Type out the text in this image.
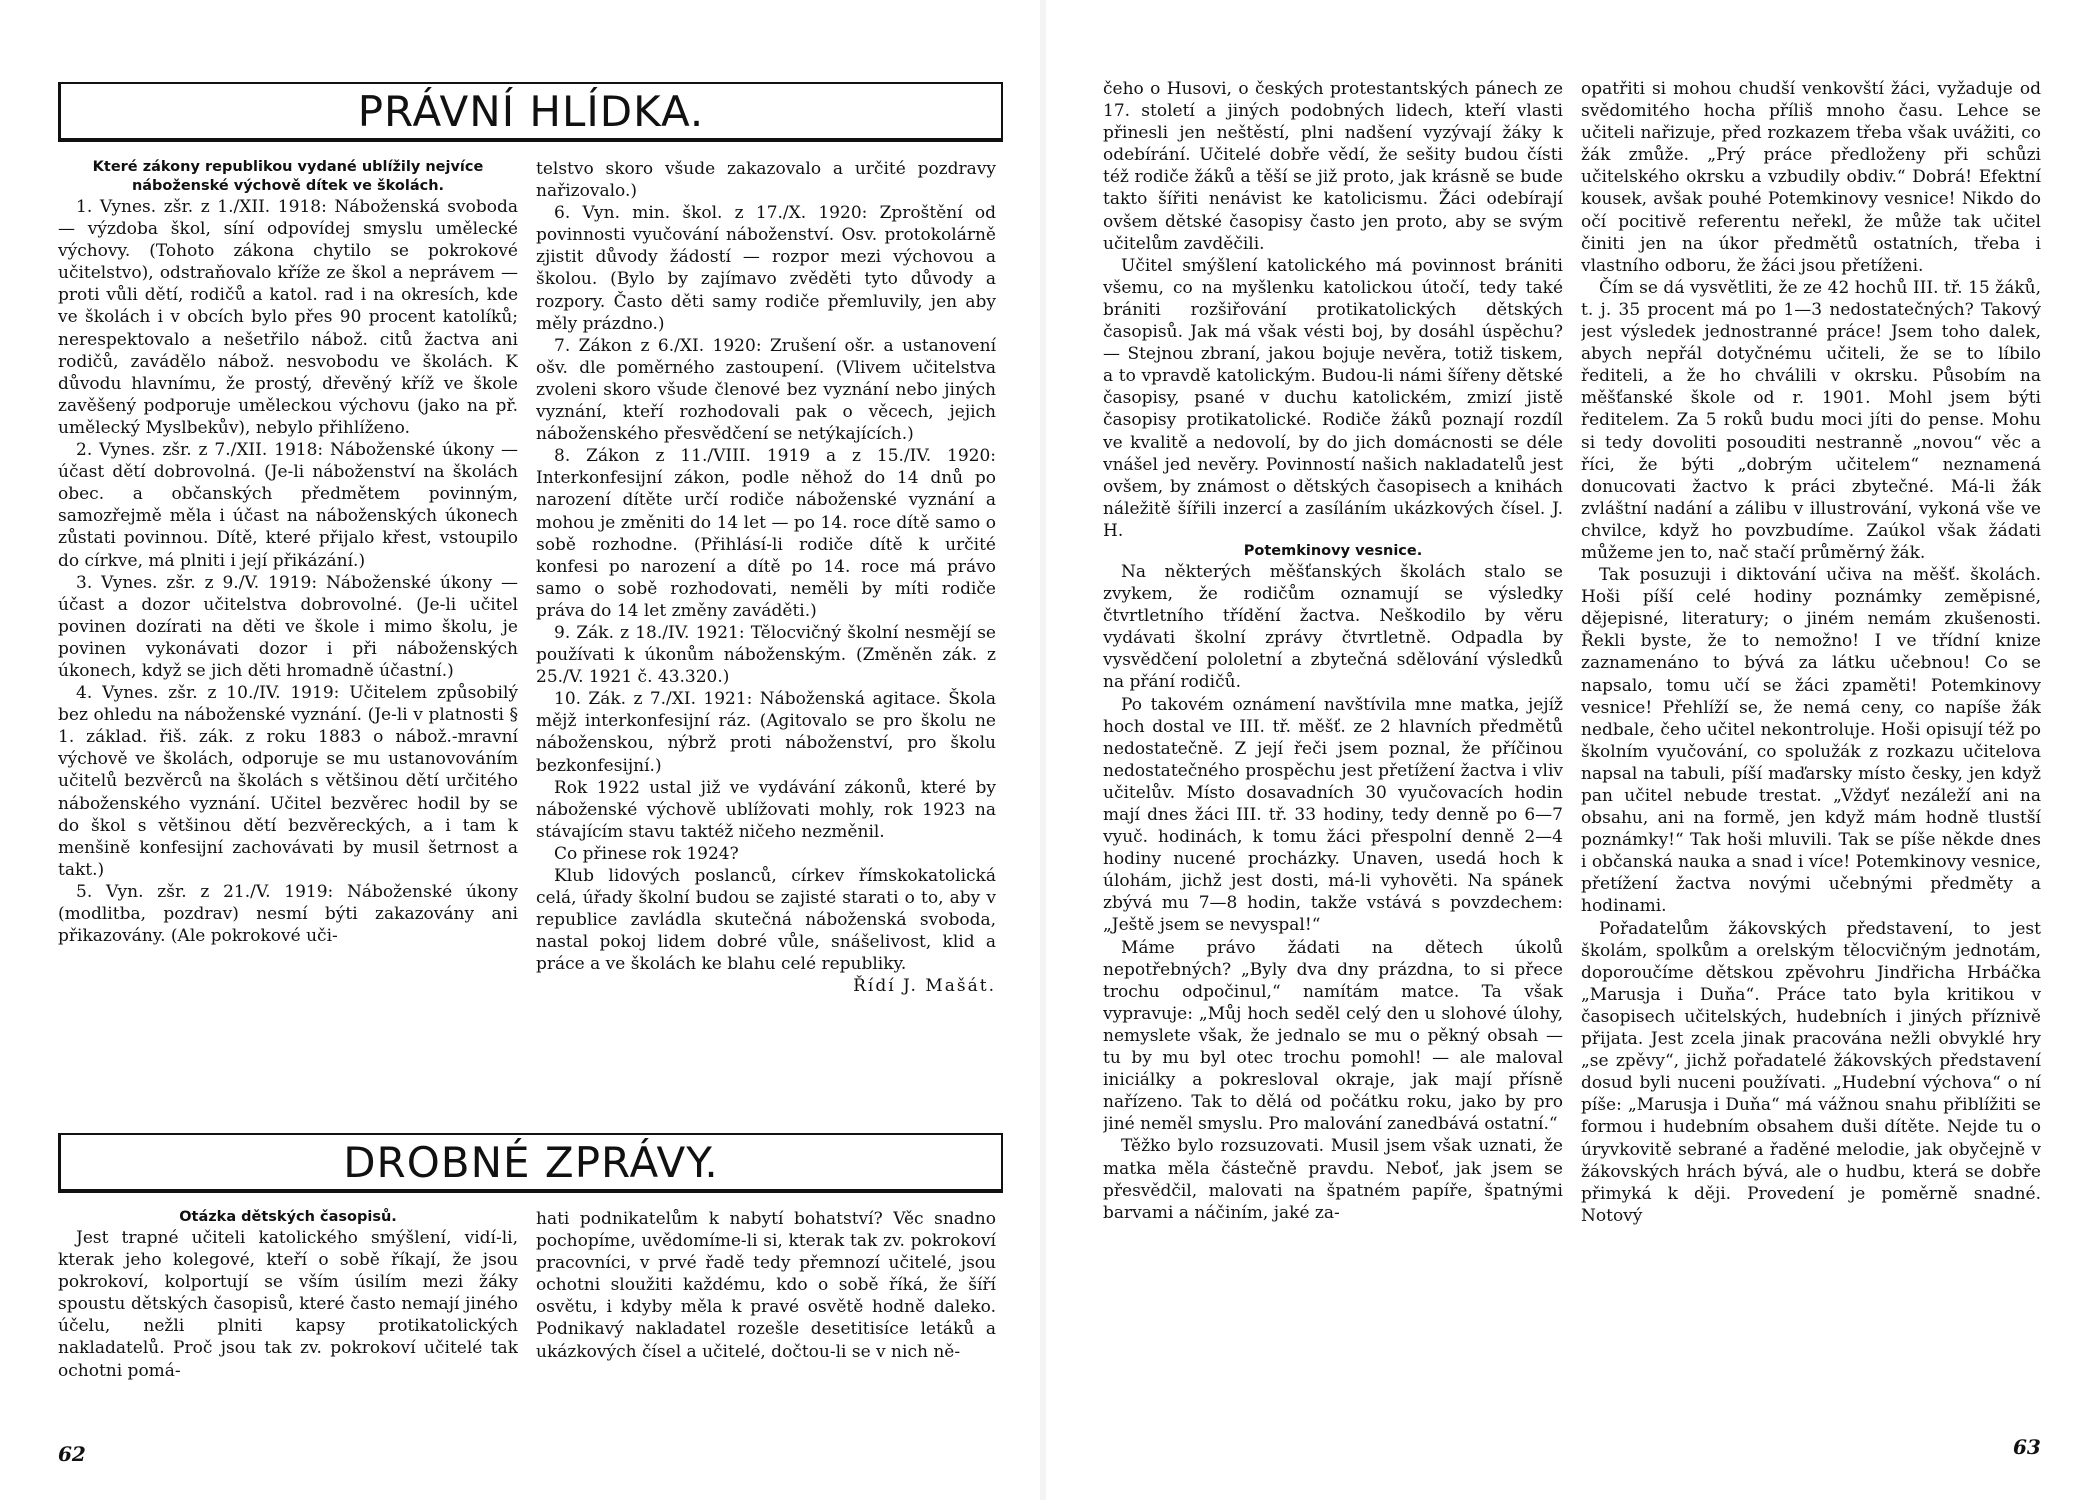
PRÁVNÍ HLÍDKA.
Které zákony republikou vydané ublížily nejvíce náboženské výchově dítek ve školách.

1. Vynes. zšr. z 1./XII. 1918: Náboženská svoboda — výzdoba škol, síní odpovídej smyslu umělecké výchovy. (Tohoto zákona chytilo se pokrokové učitelstvo), odstraňovalo kříže ze škol a neprávem — proti vůli dětí, rodičů a katol. rad i na okresích, kde ve školách i v obcích bylo přes 90 procent katolíků; nerespektovalo a nešetřilo nábož. citů žactva ani rodičů, zavádělo nábož. nesvobodu ve školách. K důvodu hlavnímu, že prostý, dřevěný kříž ve škole zavěšený podporuje uměleckou výchovu (jako na př. umělecký Myslbekův), nebylo přihlíženo.

2. Vynes. zšr. z 7./XII. 1918: Náboženské úkony — účast dětí dobrovolná. (Je-li náboženství na školách obec. a občanských předmětem povinným, samozřejmě měla i účast na náboženských úkonech zůstati povinnou. Dítě, které přijalo křest, vstoupilo do církve, má plniti i její přikázání.)

3. Vynes. zšr. z 9./V. 1919: Náboženské úkony — účast a dozor učitelstva dobrovolné. (Je-li učitel povinen dozírati na děti ve škole i mimo školu, je povinen vykonávati dozor i při náboženských úkonech, když se jich děti hromadně účastní.)

4. Vynes. zšr. z 10./IV. 1919: Učitelem způsobilý bez ohledu na náboženské vyznání. (Je-li v platnosti § 1. základ. řiš. zák. z roku 1883 o nábož.-mravní výchově ve školách, odporuje se mu ustanovováním učitelů bezvěrců na školách s většinou dětí určitého náboženského vyznání. Učitel bezvěrec hodil by se do škol s většinou dětí bezvěreckých, a i tam k menšině konfesijní zachovávati by musil šetrnost a takt.)

5. Vyn. zšr. z 21./V. 1919: Náboženské úkony (modlitba, pozdrav) nesmí býti zakazovány ani přikazovány. (Ale pokrokové uči-

telstvo skoro všude zakazovalo a určité pozdravy nařizovalo.)

6. Vyn. min. škol. z 17./X. 1920: Zproštění od povinnosti vyučování náboženství. Osv. protokolárně zjistit důvody žádostí — rozpor mezi výchovou a školou. (Bylo by zajímavo zvěděti tyto důvody a rozpory. Často děti samy rodiče přemluvily, jen aby měly prázdno.)

7. Zákon z 6./XI. 1920: Zrušení ošr. a ustanovení ošv. dle poměrného zastoupení. (Vlivem učitelstva zvoleni skoro všude členové bez vyznání nebo jiných vyznání, kteří rozhodovali pak o věcech, jejich náboženského přesvědčení se netýkajících.)

8. Zákon z 11./VIII. 1919 a z 15./IV. 1920: Interkonfesijní zákon, podle něhož do 14 dnů po narození dítěte určí rodiče náboženské vyznání a mohou je změniti do 14 let — po 14. roce dítě samo o sobě rozhodne. (Přihlásí-li rodiče dítě k určité konfesi po narození a dítě po 14. roce má právo samo o sobě rozhodovati, neměli by míti rodiče práva do 14 let změny zaváděti.)

9. Zák. z 18./IV. 1921: Tělocvičný školní nesmějí se používati k úkonům náboženským. (Změněn zák. z 25./V. 1921 č. 43.320.)

10. Zák. z 7./XI. 1921: Náboženská agitace. Škola mějž interkonfesijní ráz. (Agitovalo se pro školu ne náboženskou, nýbrž proti náboženství, pro školu bezkonfesijní.)

Rok 1922 ustal již ve vydávání zákonů, které by náboženské výchově ublížovati mohly, rok 1923 na stávajícím stavu taktéž ničeho nezměnil.

Co přinese rok 1924?

Klub lidových poslanců, církev římskokatolická celá, úřady školní budou se zajisté starati o to, aby v republice zavládla skutečná náboženská svoboda, nastal pokoj lidem dobré vůle, snášelivost, klid a práce a ve školách ke blahu celé republiky.

Řídí J. Mašát.

DROBNÉ ZPRÁVY.
Otázka dětských časopisů.

Jest trapné učiteli katolického smýšlení, vidí-li, kterak jeho kolegové, kteří o sobě říkají, že jsou pokrokoví, kolportují se vším úsilím mezi žáky spoustu dětských časopisů, které často nemají jiného účelu, nežli plniti kapsy protikatolických nakladatelů. Proč jsou tak zv. pokrokoví učitelé tak ochotni pomá-

hati podnikatelům k nabytí bohatství? Věc snadno pochopíme, uvědomíme-li si, kterak tak zv. pokrokoví pracovníci, v prvé řadě tedy přemnozí učitelé, jsou ochotni sloužiti každému, kdo o sobě říká, že šíří osvětu, i kdyby měla k pravé osvětě hodně daleko. Podnikavý nakladatel rozešle desetitisíce letáků a ukázkových čísel a učitelé, dočtou-li se v nich ně-

62

čeho o Husovi, o českých protestantských pánech ze 17. století a jiných podobných lidech, kteří vlasti přinesli jen neštěstí, plni nadšení vyzývají žáky k odebírání. Učitelé dobře vědí, že sešity budou čísti též rodiče žáků a těší se již proto, jak krásně se bude takto šířiti nenávist ke katolicismu. Žáci odebírají ovšem dětské časopisy často jen proto, aby se svým učitelům zavděčili.

Učitel smýšlení katolického má povinnost brániti všemu, co na myšlenku katolickou útočí, tedy také brániti rozšiřování protikatolických dětských časopisů. Jak má však vésti boj, by dosáhl úspěchu? — Stejnou zbraní, jakou bojuje nevěra, totiž tiskem, a to vpravdě katolickým. Budou-li námi šířeny dětské časopisy, psané v duchu katolickém, zmizí jistě časopisy protikatolické. Rodiče žáků poznají rozdíl ve kvalitě a nedovolí, by do jich domácnosti se déle vnášel jed nevěry. Povinností našich nakladatelů jest ovšem, by známost o dětských časopisech a knihách náležitě šířili inzercí a zasíláním ukázkových čísel. J. H.

Potemkinovy vesnice.

Na některých měšťanských školách stalo se zvykem, že rodičům oznamují se výsledky čtvrtletního třídění žactva. Neškodilo by věru vydávati školní zprávy čtvrtletně. Odpadla by vysvědčení pololetní a zbytečná sdělování výsledků na přání rodičů.

Po takovém oznámení navštívila mne matka, jejíž hoch dostal ve III. tř. měšť. ze 2 hlavních předmětů nedostatečně. Z její řeči jsem poznal, že příčinou nedostatečného prospěchu jest přetížení žactva i vliv učitelův. Místo dosavadních 30 vyučovacích hodin mají dnes žáci III. tř. 33 hodiny, tedy denně po 6—7 vyuč. hodinách, k tomu žáci přespolní denně 2—4 hodiny nucené procházky. Unaven, usedá hoch k úlohám, jichž jest dosti, má-li vyhověti. Na spánek zbývá mu 7—8 hodin, takže vstává s povzdechem: „Ještě jsem se nevyspal!“

Máme právo žádati na dětech úkolů nepotřebných? „Byly dva dny prázdna, to si přece trochu odpočinul,“ namítám matce. Ta však vypravuje: „Můj hoch seděl celý den u slohové úlohy, nemyslete však, že jednalo se mu o pěkný obsah — tu by mu byl otec trochu pomohl! — ale maloval iniciálky a pokresloval okraje, jak mají přísně nařízeno. Tak to dělá od počátku roku, jako by pro jiné neměl smyslu. Pro malování zanedbává ostatní.“

Těžko bylo rozsuzovati. Musil jsem však uznati, že matka měla částečně pravdu. Neboť, jak jsem se přesvědčil, malovati na špatném papíře, špatnými barvami a náčiním, jaké za-

opatřiti si mohou chudší venkovští žáci, vyžaduje od svědomitého hocha příliš mnoho času. Lehce se učiteli nařizuje, před rozkazem třeba však uvážiti, co žák zmůže. „Prý práce předloženy při schůzi učitelského okrsku a vzbudily obdiv.“ Dobrá! Efektní kousek, avšak pouhé Potemkinovy vesnice! Nikdo do očí pocitivě referentu neřekl, že může tak učitel činiti jen na úkor předmětů ostatních, třeba i vlastního odboru, že žáci jsou přetíženi.

Čím se dá vysvětliti, že ze 42 hochů III. tř. 15 žáků, t. j. 35 procent má po 1—3 nedostatečných? Takový jest výsledek jednostranné práce! Jsem toho dalek, abych nepřál dotyčnému učiteli, že se to líbilo řediteli, a že ho chválili v okrsku. Působím na měšťanské škole od r. 1901. Mohl jsem býti ředitelem. Za 5 roků budu moci jíti do pense. Mohu si tedy dovoliti posouditi nestranně „novou“ věc a říci, že býti „dobrým učitelem“ neznamená donucovati žactvo k práci zbytečné. Má-li žák zvláštní nadání a zálibu v illustrování, vykoná vše ve chvilce, když ho povzbudíme. Zaúkol však žádati můžeme jen to, nač stačí průměrný žák.

Tak posuzuji i diktování učiva na měšť. školách. Hoši píší celé hodiny poznámky zeměpisné, dějepisné, literatury; o jiném nemám zkušenosti. Řekli byste, že to nemožno! I ve třídní knize zaznamenáno to bývá za látku učebnou! Co se napsalo, tomu učí se žáci zpaměti! Potemkinovy vesnice! Přehlíží se, že nemá ceny, co napíše žák nedbale, čeho učitel nekontroluje. Hoši opisují též po školním vyučování, co spolužák z rozkazu učitelova napsal na tabuli, píší maďarsky místo česky, jen když pan učitel nebude trestat. „Vždyť nezáleží ani na obsahu, ani na formě, jen když mám hodně tlustší poznámky!“ Tak hoši mluvili. Tak se píše někde dnes i občanská nauka a snad i více! Potemkinovy vesnice, přetížení žactva novými učebnými předměty a hodinami.

Pořadatelům žákovských představení, to jest školám, spolkům a orelským tělocvičným jednotám, doporoučíme dětskou zpěvohru Jindřicha Hrbáčka „Marusja i Duňa“. Práce tato byla kritikou v časopisech učitelských, hudebních i jiných příznivě přijata. Jest zcela jinak pracována nežli obvyklé hry „se zpěvy“, jichž pořadatelé žákovských představení dosud byli nuceni používati. „Hudební výchova“ o ní píše: „Marusja i Duňa“ má vážnou snahu přiblížiti se formou i hudebním obsahem duši dítěte. Nejde tu o úryvkovitě sebrané a řaděné melodie, jak obyčejně v žákovských hrách bývá, ale o hudbu, která se dobře přimyká k ději. Provedení je poměrně snadné. Notový

63
